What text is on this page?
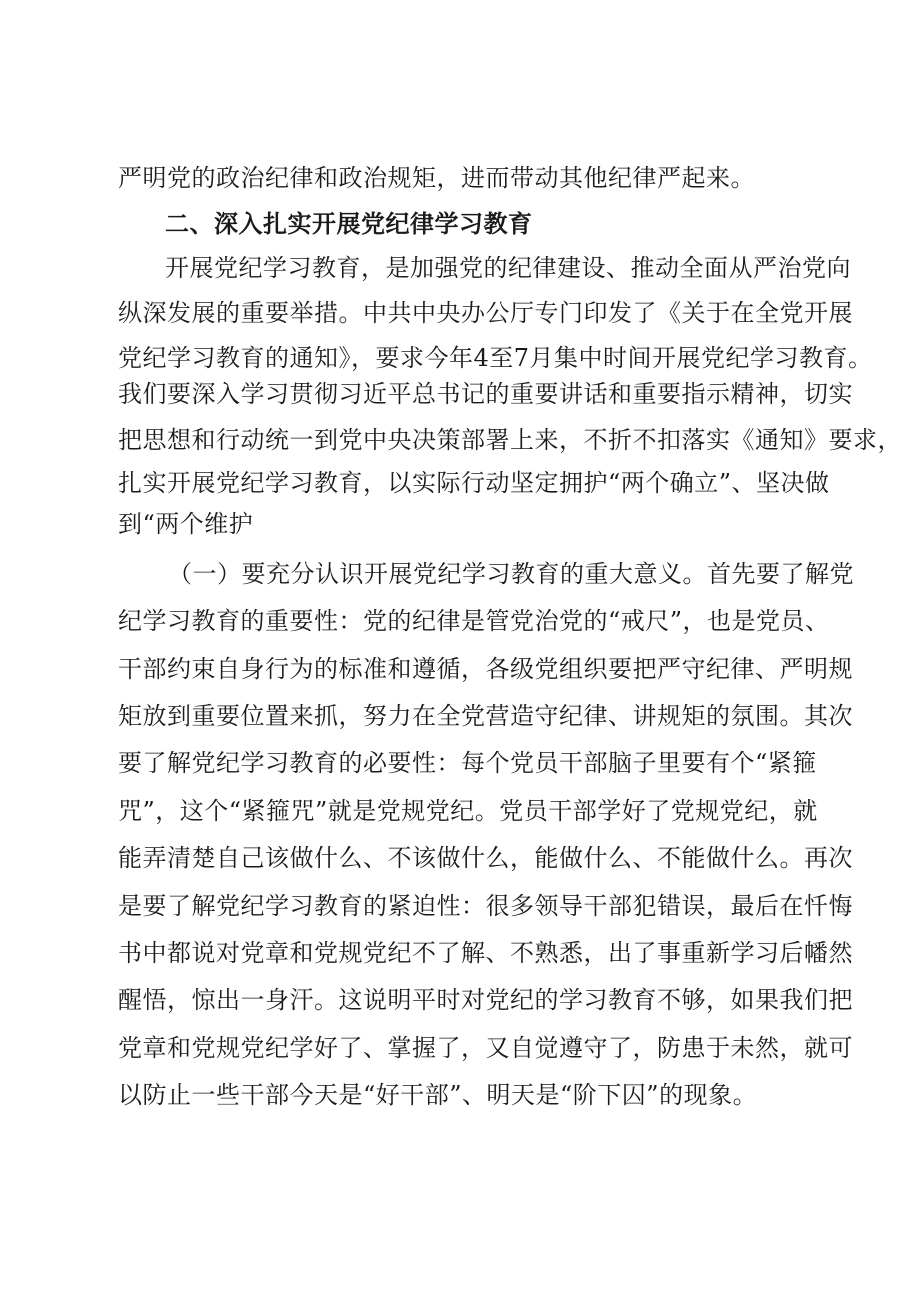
严明党的政治纪律和政治规矩，进而带动其他纪律严起来。
二、深入扎实开展党纪律学习教育
开展党纪学习教育，是加强党的纪律建设、推动全面从严治党向
纵深发展的重要举措。中共中央办公厅专门印发了《关于在全党开展
党纪学习教育的通知》，要求今年4至7月集中时间开展党纪学习教育。
我们要深入学习贯彻习近平总书记的重要讲话和重要指示精神，切实
把思想和行动统一到党中央决策部署上来，不折不扣落实《通知》要求，
扎实开展党纪学习教育，以实际行动坚定拥护“两个确立”、坚决做
到“两个维护
（一）要充分认识开展党纪学习教育的重大意义。首先要了解党
纪学习教育的重要性：党的纪律是管党治党的“戒尺”，也是党员、
干部约束自身行为的标准和遵循，各级党组织要把严守纪律、严明规
矩放到重要位置来抓，努力在全党营造守纪律、讲规矩的氛围。其次
要了解党纪学习教育的必要性：每个党员干部脑子里要有个“紧箍
咒”，这个“紧箍咒”就是党规党纪。党员干部学好了党规党纪，就
能弄清楚自己该做什么、不该做什么，能做什么、不能做什么。再次
是要了解党纪学习教育的紧迫性：很多领导干部犯错误，最后在忏悔
书中都说对党章和党规党纪不了解、不熟悉，出了事重新学习后幡然
醒悟，惊出一身汗。这说明平时对党纪的学习教育不够，如果我们把
党章和党规党纪学好了、掌握了，又自觉遵守了，防患于未然，就可
以防止一些干部今天是“好干部”、明天是“阶下囚”的现象。
